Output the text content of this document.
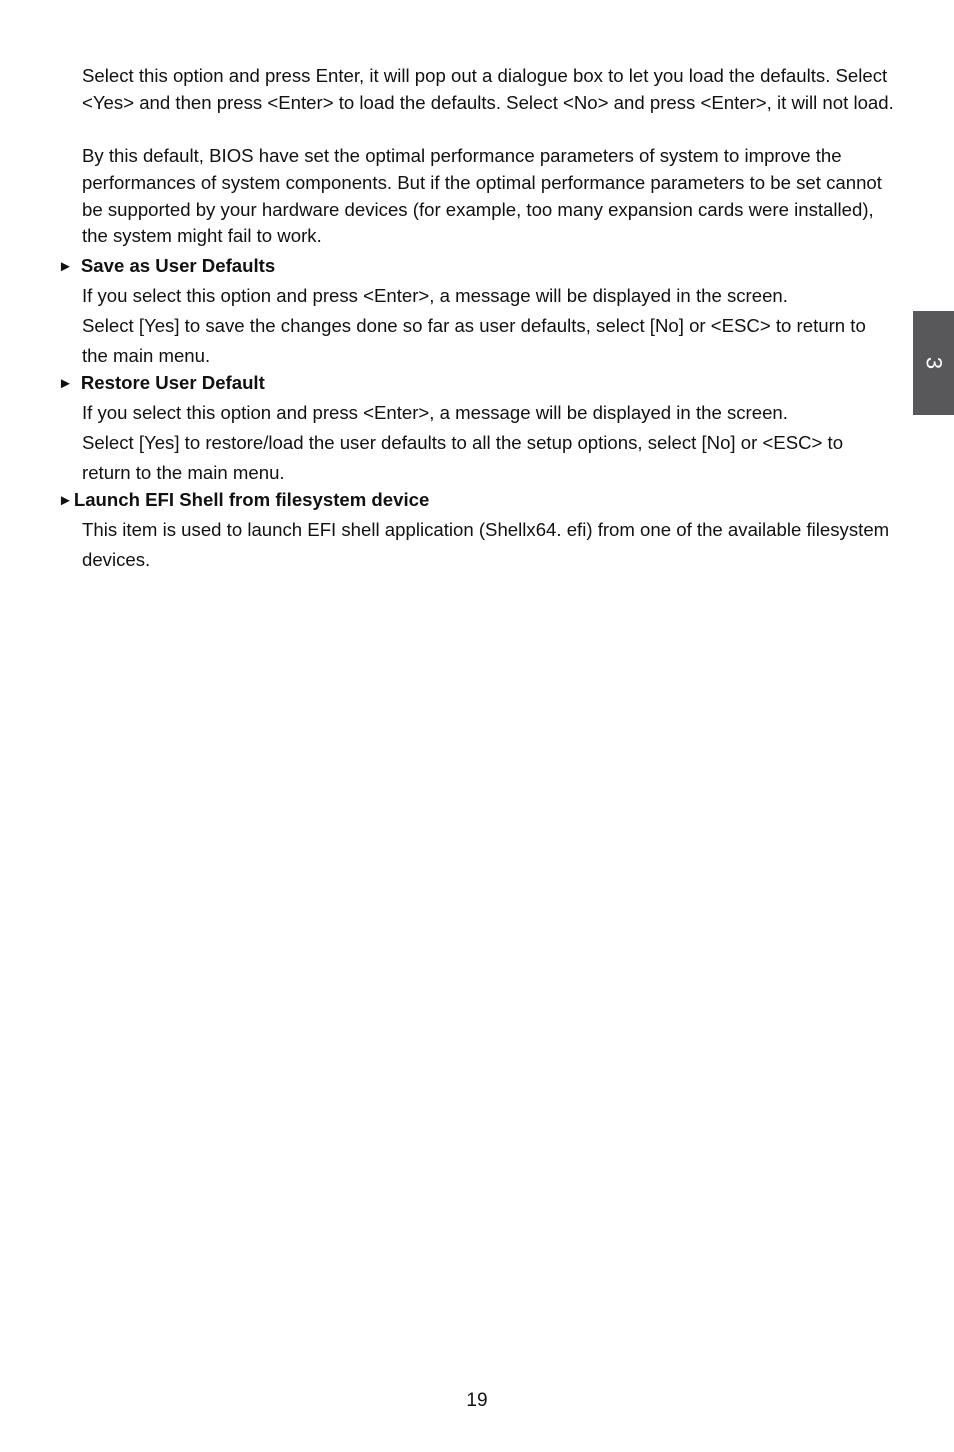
Select this option and press Enter, it will pop out a dialogue box to let you load the defaults. Select <Yes> and then press <Enter> to load the defaults. Select <No> and press <Enter>, it will not load.

By this default, BIOS have set the optimal performance parameters of system to improve the performances of system components. But if the optimal performance parameters to be set cannot be supported by your hardware devices (for example, too many expansion cards were installed), the system might fail to work.

► Save as User Defaults

If you select this option and press <Enter>, a message will be displayed in the screen.

Select [Yes] to save the changes done so far as user defaults, select [No] or <ESC> to return to the main menu.

► Restore User Default

If you select this option and press <Enter>, a message will be displayed in the screen.

Select [Yes] to restore/load the user defaults to all the setup options, select [No] or <ESC> to return to the main menu.

►Launch EFI Shell from filesystem device

This item is used to launch EFI shell application (Shellx64. efi) from one of the available filesystem devices.

3
19
